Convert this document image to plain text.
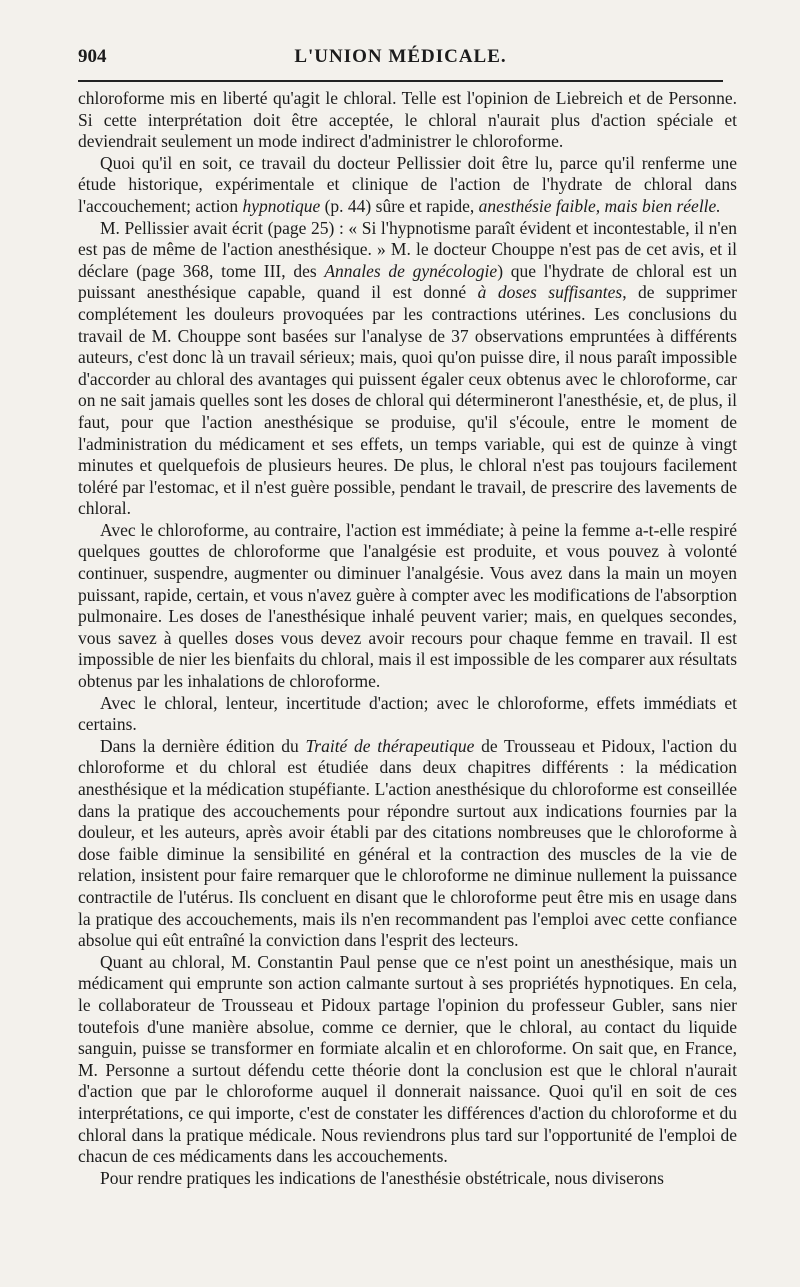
904	L'UNION MÉDICALE.

chloroforme mis en liberté qu'agit le chloral. Telle est l'opinion de Liebreich et de Personne. Si cette interprétation doit être acceptée, le chloral n'aurait plus d'action spéciale et deviendrait seulement un mode indirect d'administrer le chloroforme.

Quoi qu'il en soit, ce travail du docteur Pellissier doit être lu, parce qu'il renferme une étude historique, expérimentale et clinique de l'action de l'hydrate de chloral dans l'accouchement; action hypnotique (p. 44) sûre et rapide, anesthésie faible, mais bien réelle.

M. Pellissier avait écrit (page 25) : « Si l'hypnotisme paraît évident et incontestable, il n'en est pas de même de l'action anesthésique. » M. le docteur Chouppe n'est pas de cet avis, et il déclare (page 368, tome III, des Annales de gynécologie) que l'hydrate de chloral est un puissant anesthésique capable, quand il est donné à doses suffisantes, de supprimer complétement les douleurs provoquées par les contractions utérines. Les conclusions du travail de M. Chouppe sont basées sur l'analyse de 37 observations empruntées à différents auteurs, c'est donc là un travail sérieux; mais, quoi qu'on puisse dire, il nous paraît impossible d'accorder au chloral des avantages qui puissent égaler ceux obtenus avec le chloroforme, car on ne sait jamais quelles sont les doses de chloral qui détermineront l'anesthésie, et, de plus, il faut, pour que l'action anesthésique se produise, qu'il s'écoule, entre le moment de l'administration du médicament et ses effets, un temps variable, qui est de quinze à vingt minutes et quelquefois de plusieurs heures. De plus, le chloral n'est pas toujours facilement toléré par l'estomac, et il n'est guère possible, pendant le travail, de prescrire des lavements de chloral.

Avec le chloroforme, au contraire, l'action est immédiate; à peine la femme a-t-elle respiré quelques gouttes de chloroforme que l'analgésie est produite, et vous pouvez à volonté continuer, suspendre, augmenter ou diminuer l'analgésie. Vous avez dans la main un moyen puissant, rapide, certain, et vous n'avez guère à compter avec les modifications de l'absorption pulmonaire. Les doses de l'anesthésique inhalé peuvent varier; mais, en quelques secondes, vous savez à quelles doses vous devez avoir recours pour chaque femme en travail. Il est impossible de nier les bienfaits du chloral, mais il est impossible de les comparer aux résultats obtenus par les inhalations de chloroforme.

Avec le chloral, lenteur, incertitude d'action; avec le chloroforme, effets immédiats et certains.

Dans la dernière édition du Traité de thérapeutique de Trousseau et Pidoux, l'action du chloroforme et du chloral est étudiée dans deux chapitres différents : la médication anesthésique et la médication stupéfiante. L'action anesthésique du chloroforme est conseillée dans la pratique des accouchements pour répondre surtout aux indications fournies par la douleur, et les auteurs, après avoir établi par des citations nombreuses que le chloroforme à dose faible diminue la sensibilité en général et la contraction des muscles de la vie de relation, insistent pour faire remarquer que le chloroforme ne diminue nullement la puissance contractile de l'utérus. Ils concluent en disant que le chloroforme peut être mis en usage dans la pratique des accouchements, mais ils n'en recommandent pas l'emploi avec cette confiance absolue qui eût entraîné la conviction dans l'esprit des lecteurs.

Quant au chloral, M. Constantin Paul pense que ce n'est point un anesthésique, mais un médicament qui emprunte son action calmante surtout à ses propriétés hypnotiques. En cela, le collaborateur de Trousseau et Pidoux partage l'opinion du professeur Gubler, sans nier toutefois d'une manière absolue, comme ce dernier, que le chloral, au contact du liquide sanguin, puisse se transformer en formiate alcalin et en chloroforme. On sait que, en France, M. Personne a surtout défendu cette théorie dont la conclusion est que le chloral n'aurait d'action que par le chloroforme auquel il donnerait naissance. Quoi qu'il en soit de ces interprétations, ce qui importe, c'est de constater les différences d'action du chloroforme et du chloral dans la pratique médicale. Nous reviendrons plus tard sur l'opportunité de l'emploi de chacun de ces médicaments dans les accouchements.

Pour rendre pratiques les indications de l'anesthésie obstétricale, nous diviserons
